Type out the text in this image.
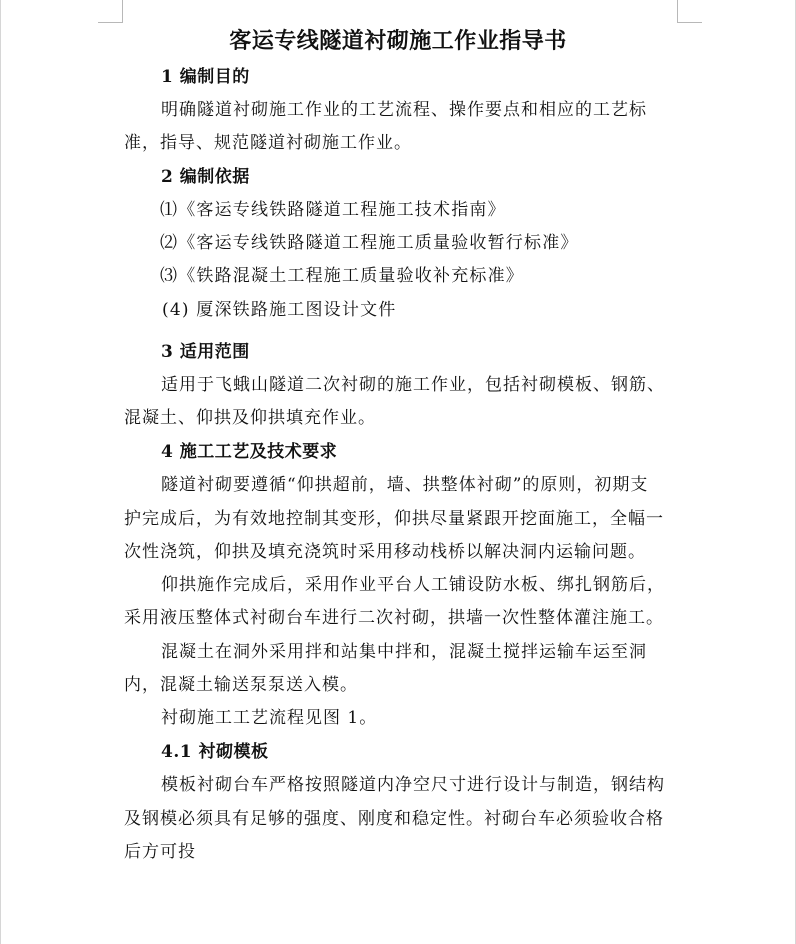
客运专线隧道衬砌施工作业指导书
1 编制目的
明确隧道衬砌施工作业的工艺流程、操作要点和相应的工艺标
准，指导、规范隧道衬砌施工作业。
2 编制依据
⑴《客运专线铁路隧道工程施工技术指南》
⑵《客运专线铁路隧道工程施工质量验收暂行标准》
⑶《铁路混凝土工程施工质量验收补充标准》
(4) 厦深铁路施工图设计文件
3 适用范围
适用于飞蛾山隧道二次衬砌的施工作业，包括衬砌模板、钢筋、
混凝土、仰拱及仰拱填充作业。
4 施工工艺及技术要求
隧道衬砌要遵循“仰拱超前，墙、拱整体衬砌”的原则，初期支
护完成后，为有效地控制其变形，仰拱尽量紧跟开挖面施工，全幅一
次性浇筑，仰拱及填充浇筑时采用移动栈桥以解决洞内运输问题。
仰拱施作完成后，采用作业平台人工铺设防水板、绑扎钢筋后，
采用液压整体式衬砌台车进行二次衬砌，拱墙一次性整体灌注施工。
混凝土在洞外采用拌和站集中拌和，混凝土搅拌运输车运至洞
内，混凝土输送泵泵送入模。
衬砌施工工艺流程见图 1。
4.1 衬砌模板
模板衬砌台车严格按照隧道内净空尺寸进行设计与制造，钢结构
及钢模必须具有足够的强度、刚度和稳定性。衬砌台车必须验收合格
后方可投
